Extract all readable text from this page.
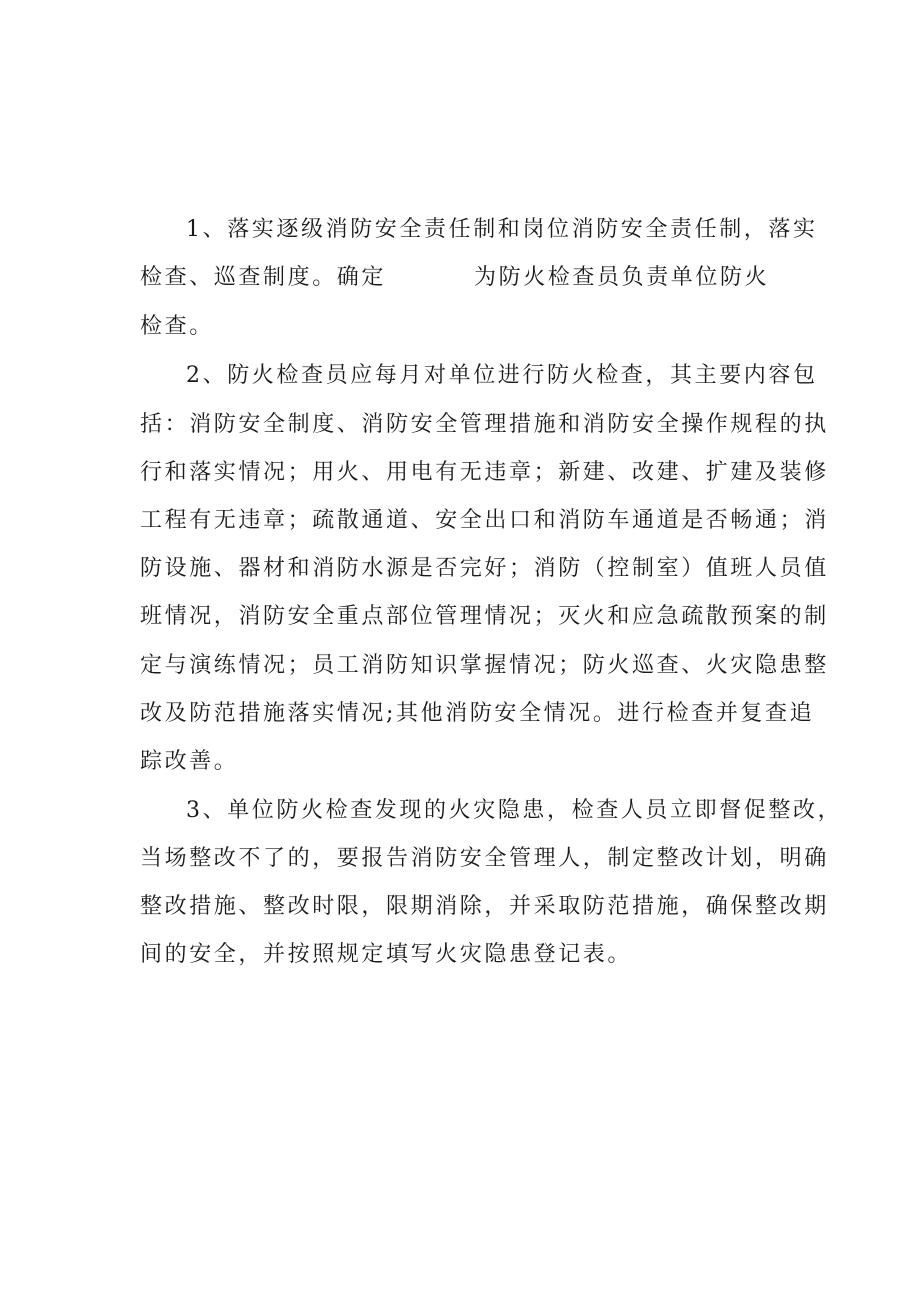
1、落实逐级消防安全责任制和岗位消防安全责任制，落实
检查、巡查制度。确定	为防火检查员负责单位防火
检查。
2、防火检查员应每月对单位进行防火检查，其主要内容包
括：消防安全制度、消防安全管理措施和消防安全操作规程的执
行和落实情况；用火、用电有无违章；新建、改建、扩建及装修
工程有无违章；疏散通道、安全出口和消防车通道是否畅通；消
防设施、器材和消防水源是否完好；消防（控制室）值班人员值
班情况，消防安全重点部位管理情况；灭火和应急疏散预案的制
定与演练情况；员工消防知识掌握情况；防火巡查、火灾隐患整
改及防范措施落实情况;其他消防安全情况。进行检查并复查追
踪改善。
3、单位防火检查发现的火灾隐患，检查人员立即督促整改，
当场整改不了的，要报告消防安全管理人，制定整改计划，明确
整改措施、整改时限，限期消除，并采取防范措施，确保整改期
间的安全，并按照规定填写火灾隐患登记表。
